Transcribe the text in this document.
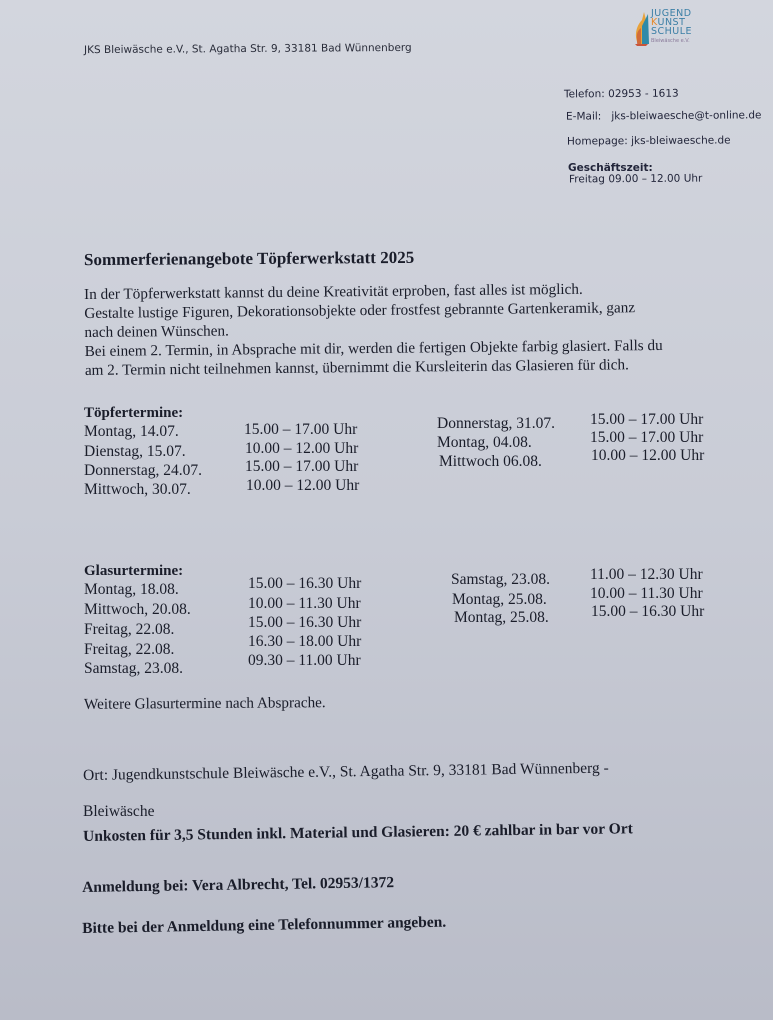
JUGEND
KUNST
SCHULE
Bleiwäsche e.V.
JKS Bleiwäsche e.V., St. Agatha Str. 9, 33181 Bad Wünnenberg
Telefon: 02953 - 1613
E-Mail: jks-bleiwaesche@t-online.de
Homepage: jks-bleiwaesche.de
Geschäftszeit:
Freitag 09.00 – 12.00 Uhr
Sommerferienangebote Töpferwerkstatt 2025
In der Töpferwerkstatt kannst du deine Kreativität erproben, fast alles ist möglich.
Gestalte lustige Figuren, Dekorationsobjekte oder frostfest gebrannte Gartenkeramik, ganz
nach deinen Wünschen.
Bei einem 2. Termin, in Absprache mit dir, werden die fertigen Objekte farbig glasiert. Falls du
am 2. Termin nicht teilnehmen kannst, übernimmt die Kursleiterin das Glasieren für dich.
Töpfertermine:
Montag, 14.07.	15.00 – 17.00 Uhr
Dienstag, 15.07.	10.00 – 12.00 Uhr
Donnerstag, 24.07.	15.00 – 17.00 Uhr
Mittwoch, 30.07.	10.00 – 12.00 Uhr
Donnerstag, 31.07. 15.00 – 17.00 Uhr
Montag, 04.08.	15.00 – 17.00 Uhr
Mittwoch 06.08.	10.00 – 12.00 Uhr
Glasurtermine:
Montag, 18.08.	15.00 – 16.30 Uhr
Mittwoch, 20.08.	10.00 – 11.30 Uhr
Freitag, 22.08.	15.00 – 16.30 Uhr
Freitag, 22.08.	16.30 – 18.00 Uhr
Samstag, 23.08.	09.30 – 11.00 Uhr
Samstag, 23.08.	11.00 – 12.30 Uhr
Montag, 25.08.	10.00 – 11.30 Uhr
Montag, 25.08.	15.00 – 16.30 Uhr
Weitere Glasurtermine nach Absprache.
Ort: Jugendkunstschule Bleiwäsche e.V., St. Agatha Str. 9, 33181 Bad Wünnenberg -
Bleiwäsche
Unkosten für 3,5 Stunden inkl. Material und Glasieren: 20 € zahlbar in bar vor Ort
Anmeldung bei: Vera Albrecht, Tel. 02953/1372
Bitte bei der Anmeldung eine Telefonnummer angeben.
